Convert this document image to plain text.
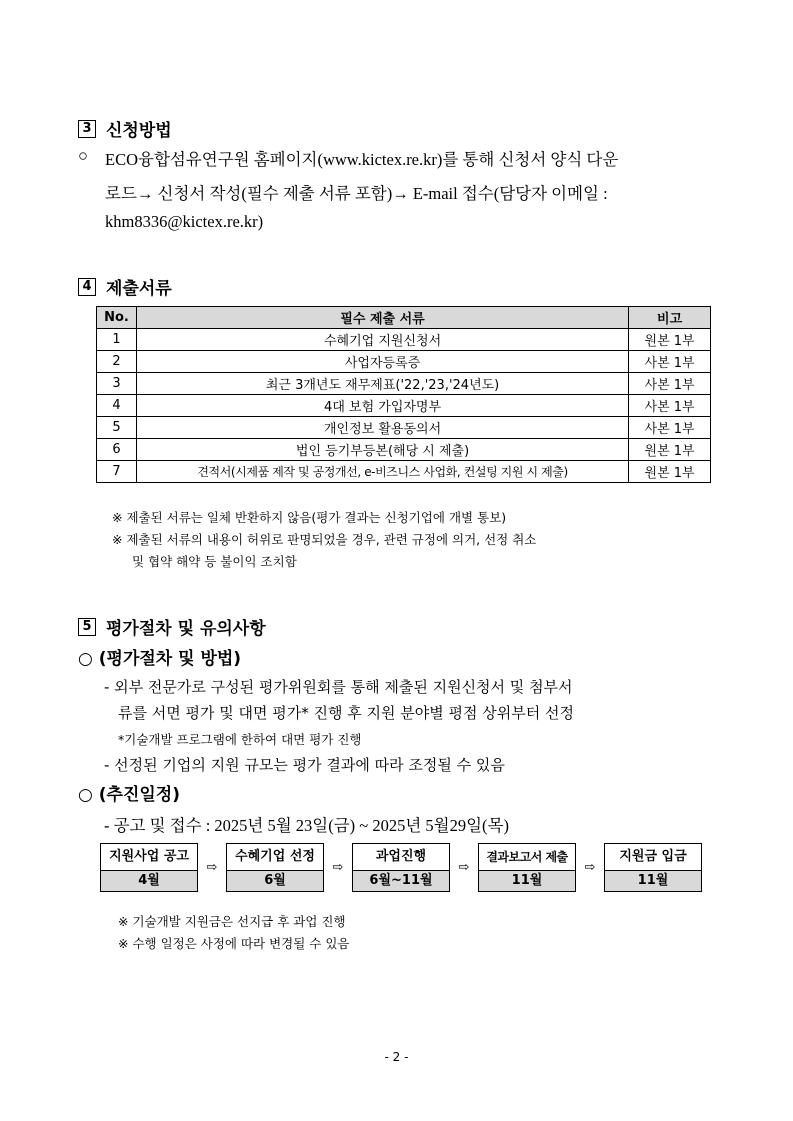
3 신청방법
○ ECO융합섬유연구원 홈페이지(www.kictex.re.kr)를 통해 신청서 양식 다운
로드→ 신청서 작성(필수 제출 서류 포함)→ E-mail 접수(담당자 이메일 :
khm8336@kictex.re.kr)
4 제출서류
No.	필수 제출 서류	비고
1	수혜기업 지원신청서	원본 1부
2	사업자등록증	사본 1부
3	최근 3개년도 재무제표('22,'23,'24년도)	사본 1부
4	4대 보험 가입자명부	사본 1부
5	개인정보 활용동의서	사본 1부
6	법인 등기부등본(해당 시 제출)	원본 1부
7	견적서(시제품 제작 및 공정개선, e-비즈니스 사업화, 컨설팅 지원 시 제출)	원본 1부
※ 제출된 서류는 일체 반환하지 않음(평가 결과는 신청기업에 개별 통보)
※ 제출된 서류의 내용이 허위로 판명되었을 경우, 관련 규정에 의거, 선정 취소
및 협약 해약 등 불이익 조치함
5 평가절차 및 유의사항
○ (평가절차 및 방법)
- 외부 전문가로 구성된 평가위원회를 통해 제출된 지원신청서 및 첨부서
류를 서면 평가 및 대면 평가* 진행 후 지원 분야별 평점 상위부터 선정
*기술개발 프로그램에 한하여 대면 평가 진행
- 선정된 기업의 지원 규모는 평가 결과에 따라 조정될 수 있음
○ (추진일정)
- 공고 및 접수 : 2025년 5월 23일(금) ~ 2025년 5월29일(목)
지원사업 공고
4월
⇨
수혜기업 선정
6월
⇨
과업진행
6월~11월
⇨
결과보고서 제출
11월
⇨
지원금 입금
11월
※ 기술개발 지원금은 선지급 후 과업 진행
※ 수행 일정은 사정에 따라 변경될 수 있음
- 2 -
